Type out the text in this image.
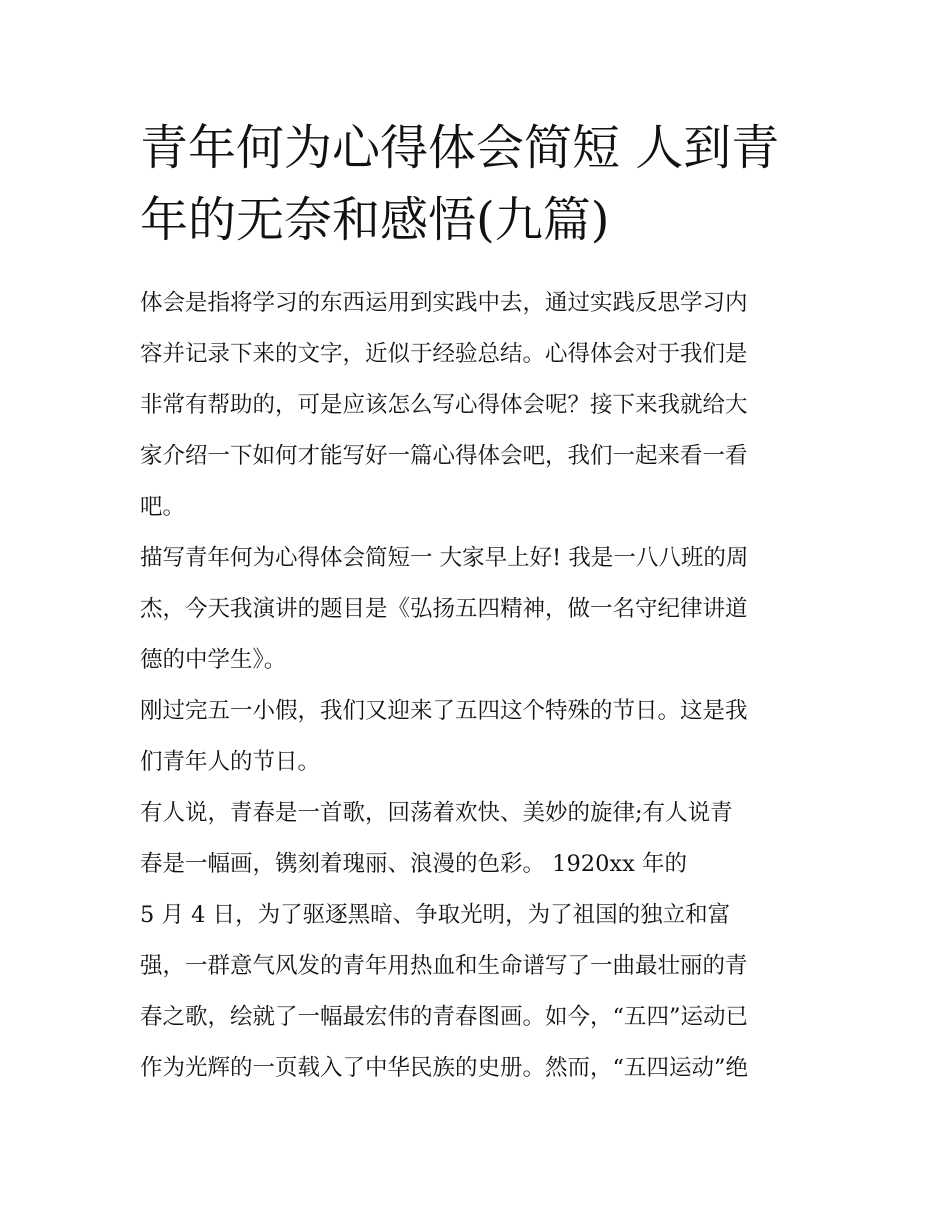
青年何为心得体会简短 人到青
年的无奈和感悟(九篇)
体会是指将学习的东西运用到实践中去，通过实践反思学习内
容并记录下来的文字，近似于经验总结。心得体会对于我们是
非常有帮助的，可是应该怎么写心得体会呢？接下来我就给大
家介绍一下如何才能写好一篇心得体会吧，我们一起来看一看
吧。
描写青年何为心得体会简短一 大家早上好! 我是一八八班的周
杰，今天我演讲的题目是《弘扬五四精神，做一名守纪律讲道
德的中学生》。
刚过完五一小假，我们又迎来了五四这个特殊的节日。这是我
们青年人的节日。
有人说，青春是一首歌，回荡着欢快、美妙的旋律;有人说青
春是一幅画，镌刻着瑰丽、浪漫的色彩。 1920xx 年的
5 月 4 日，为了驱逐黑暗、争取光明，为了祖国的独立和富
强，一群意气风发的青年用热血和生命谱写了一曲最壮丽的青
春之歌，绘就了一幅最宏伟的青春图画。如今，“五四”运动已
作为光辉的一页载入了中华民族的史册。然而，“五四运动”绝
